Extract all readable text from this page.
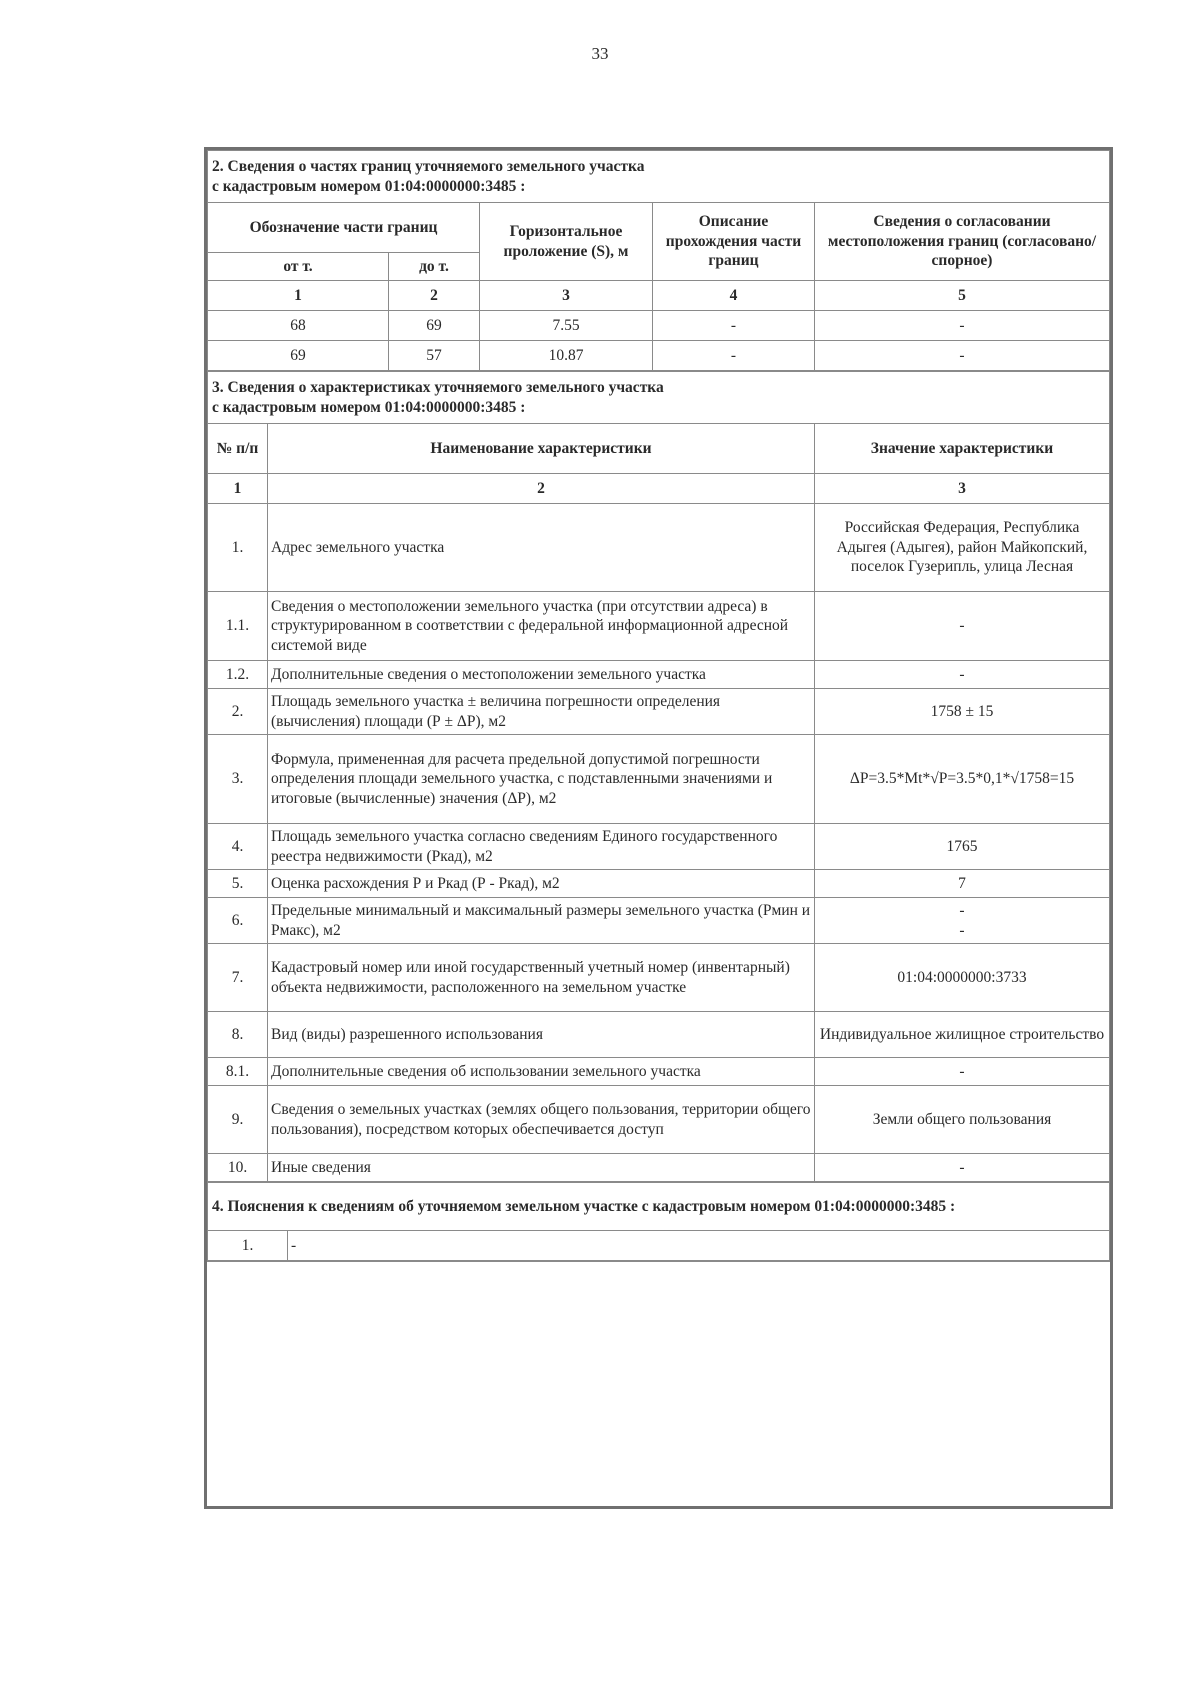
33
2. Сведения о частях границ уточняемого земельного участка
с кадастровым номером 01:04:0000000:3485 :				

Обозначение части границ		Горизонтальное проложение (S), м	Описание прохождения части границ	Сведения о согласовании местоположения границ (согласовано/спорное)
от т.	до т.			
1	2	3	4	5
68	69	7.55	-	-
69	57	10.87	-	-
3. Сведения о характеристиках уточняемого земельного участка
с кадастровым номером 01:04:0000000:3485 :		

№ п/п	Наименование характеристики	Значение характеристики
1	2	3
1.	Адрес земельного участка	Российская Федерация, Республика Адыгея (Адыгея), район Майкопский, поселок Гузерипль, улица Лесная
1.1.	Сведения о местоположении земельного участка (при отсутствии адреса) в структурированном в соответствии с федеральной информационной адресной системой виде	-
1.2.	Дополнительные сведения о местоположении земельного участка	-
2.	Площадь земельного участка ± величина погрешности определения (вычисления) площади (Р ± ΔР), м2	1758 ± 15
3.	Формула, примененная для расчета предельной допустимой погрешности определения площади земельного участка, с подставленными значениями и итоговые (вычисленные) значения (ΔР), м2	ΔP=3.5*Mt*√P=3.5*0,1*√1758=15
4.	Площадь земельного участка согласно сведениям Единого государственного реестра недвижимости (Ркад), м2	1765
5.	Оценка расхождения Р и Ркад (Р - Ркад), м2	7
6.	Предельные минимальный и максимальный размеры земельного участка (Рмин и Рмакс), м2	-
-
7.	Кадастровый номер или иной государственный учетный номер (инвентарный) объекта недвижимости, расположенного на земельном участке	01:04:0000000:3733
8.	Вид (виды) разрешенного использования	Индивидуальное жилищное строительство
8.1.	Дополнительные сведения об использовании земельного участка	-
9.	Сведения о земельных участках (землях общего пользования, территории общего пользования), посредством которых обеспечивается доступ	Земли общего пользования
10.	Иные сведения	-
4. Пояснения к сведениям об уточняемом земельном участке с кадастровым номером 01:04:0000000:3485 :
1.	-
